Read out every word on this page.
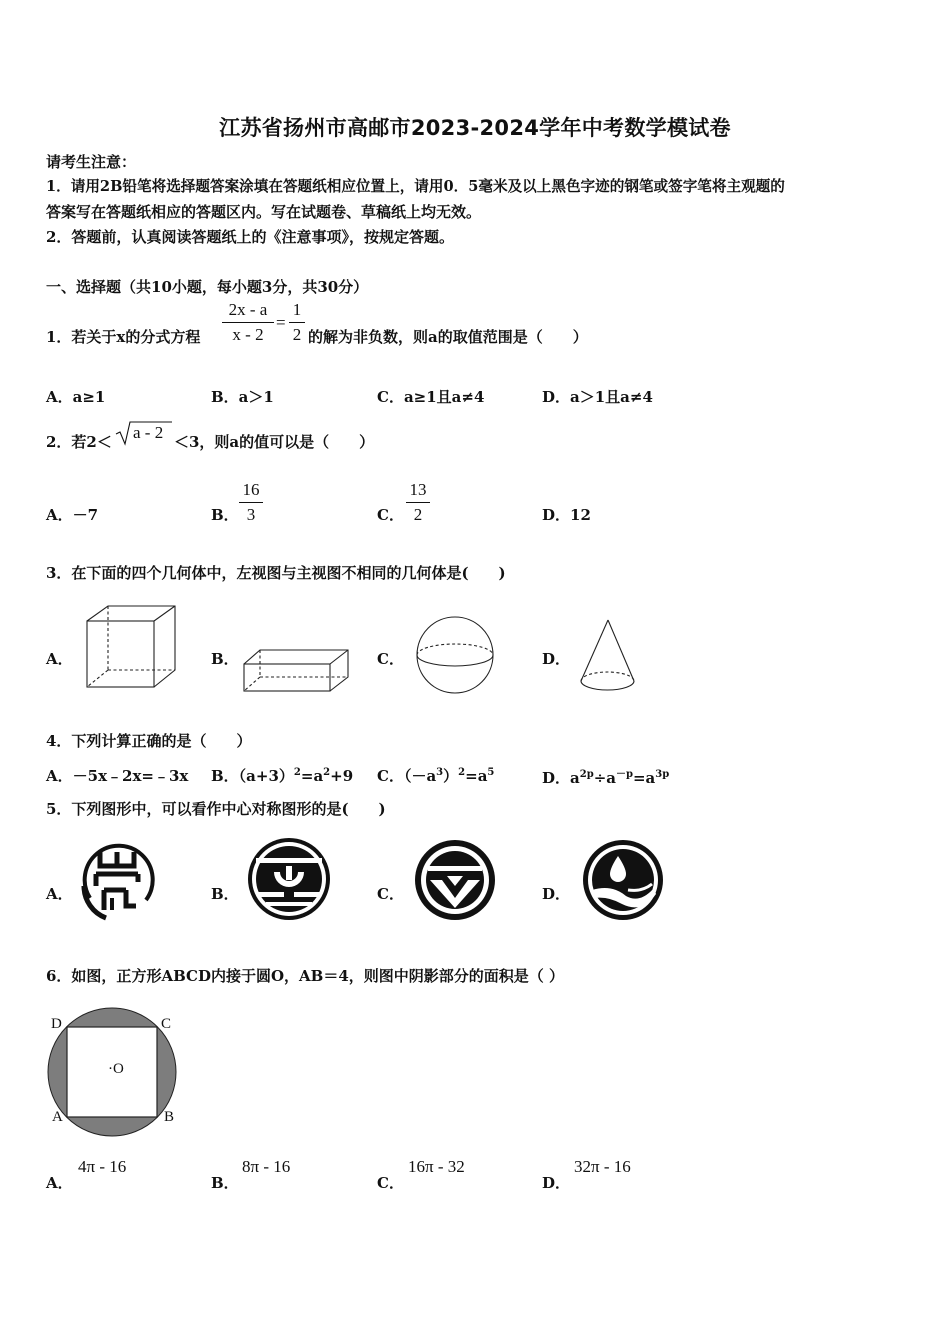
江苏省扬州市高邮市2023-2024学年中考数学模试卷
请考生注意：
1．请用2B铅笔将选择题答案涂填在答题纸相应位置上，请用0．5毫米及以上黑色字迹的钢笔或签字笔将主观题的
答案写在答题纸相应的答题区内。写在试题卷、草稿纸上均无效。
2．答题前，认真阅读答题纸上的《注意事项》，按规定答题。
一、选择题（共10小题，每小题3分，共30分）
1．若关于x的分式方程 $\frac{2x - a}{x - 2} = \frac{1}{2}$ 的解为非负数，则a的取值范围是（　　）
A．a≥1	B．a＞1	C．a≥1且a≠4	D．a＞1且a≠4
2．若2＜ a - 2 ＜3，则a的值可以是（　　）
A．－7	B． $\frac{16}{3}$	C． $\frac{13}{2}$	D．12
3．在下面的四个几何体中，左视图与主视图不相同的几何体是(　　)
A．	B．	C．	D．
4．下列计算正确的是（　　）
A．－5x﹣2x=﹣3x B．$(a+3)^2=a^2+9$ C．$(-a^3)^2=a^5$	D．$a^{2p}\div a^{-p}=a^{3p}$
5．下列图形中，可以看作中心对称图形的是(　　)
A．	B．	C．	D．
6．如图，正方形ABCD内接于圆O，AB＝4，则图中阴影部分的面积是（ ）
D	C
A	B
·O
A．
4π - 16
B．
8π - 16
C．
16π - 32
D．
32π - 16
